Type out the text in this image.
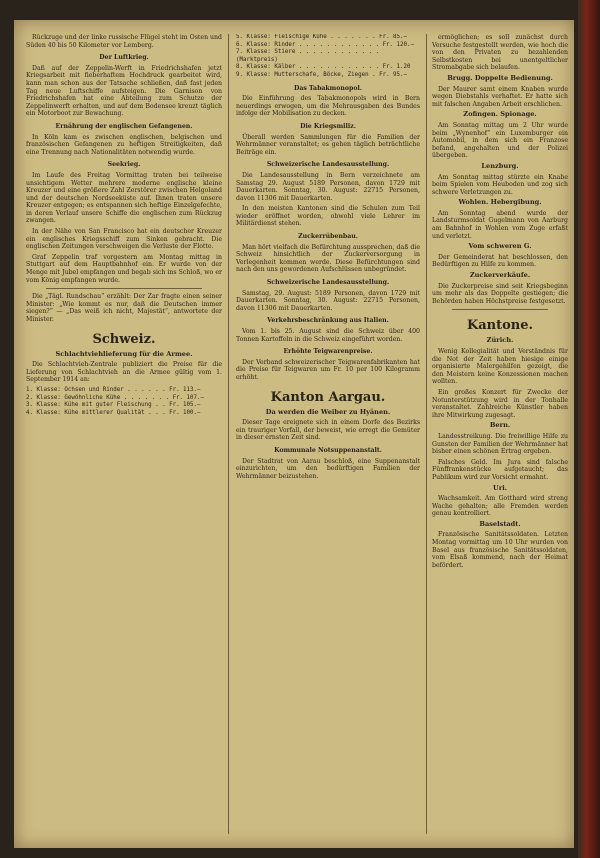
Rückzuge und der linke russische Flügel steht im Osten und Süden 40 bis 50 Kilometer vor Lemberg.

Der Luftkrieg.

Daß auf der Zeppelin-Werft in Friedrichshafen jetzt Kriegsarbeit mit fieberhaftem Hochdruck gearbeitet wird, kann man schon aus der Tatsache schließen, daß fast jeden Tag neue Luftschiffe aufsteigen. Die Garnison von Friedrichshafen hat eine Abteilung zum Schutze der Zeppelinwerft erhalten, und auf dem Bodensee kreuzt täglich ein Motorboot zur Bewachung.

Ernährung der englischen Gefangenen.

In Köln kam es zwischen englischen, belgischen und französischen Gefangenen zu heftigen Streitigkeiten, daß eine Trennung nach Nationalitäten notwendig wurde.

Seekrieg.

Im Laufe des Freitag Vormittag traten bei teilweise unsichtigem Wetter mehrere moderne englische kleine Kreuzer und eine größere Zahl Zerstörer zwischen Helgoland und der deutschen Nordseeküste auf. Ihnen traten unsere Kreuzer entgegen; es entspannen sich heftige Einzelgefechte, in deren Verlauf unsere Schiffe die englischen zum Rückzug zwangen.

In der Nähe von San Francisco hat ein deutscher Kreuzer ein englisches Kriegsschiff zum Sinken gebracht. Die englischen Zeitungen verschweigen die Verluste der Flotte.

Graf Zeppelin traf vorgestern am Montag mittag in Stuttgart auf dem Hauptbahnhof ein. Er wurde von der Menge mit Jubel empfangen und begab sich ins Schloß, wo er vom König empfangen wurde.

Die „Tägl. Rundschau“ erzählt: Der Zar fragte einen seiner Minister: „Wie kommt es nur, daß die Deutschen immer siegen?“ — „Das weiß ich nicht, Majestät“, antwortete der Minister.

Schweiz.
Schlachtviehlieferung für die Armee.

Die Schlachtvieh-Zentrale publiziert die Preise für die Lieferung von Schlachtvieh an die Armee gültig vom 1. September 1914 an:

1. Klasse: Ochsen und Rinder . . . . . . Fr. 113.—
2. Klasse: Gewöhnliche Kühe . . . . . . . Fr. 107.—
3. Klasse: Kühe mit guter Fleischung . . Fr. 105.—
4. Klasse: Kühe mittlerer Qualität . . . Fr. 100.—
5. Klasse: Fleischige Kühe . . . . . . . Fr. 85.—
6. Klasse: Rinder . . . . . . . . . . . . Fr. 120.—
7. Klasse: Stiere . . . . . . . . . . . . (Marktpreis)
8. Klasse: Kälber . . . . . . . . . . . . Fr. 1.20
9. Klasse: Mutterschafe, Böcke, Ziegen . Fr. 95.—
Das Tabakmonopol.

Die Einführung des Tabakmonopols wird in Bern neuerdings erwogen, um die Mehrausgaben des Bundes infolge der Mobilisation zu decken.

Die Kriegsmiliz.

Überall werden Sammlungen für die Familien der Wehrmänner veranstaltet; es gehen täglich beträchtliche Beiträge ein.

Schweizerische Landesausstellung.

Die Landesausstellung in Bern verzeichnete am Samstag 29. August 5189 Personen, davon 1729 mit Dauerkarten. Sonntag, 30. August: 22715 Personen, davon 11306 mit Dauerkarten.

In den meisten Kantonen sind die Schulen zum Teil wieder eröffnet worden, obwohl viele Lehrer im Militärdienst stehen.

Zuckerrübenbau.

Man hört vielfach die Befürchtung aussprechen, daß die Schweiz hinsichtlich der Zuckerversorgung in Verlegenheit kommen werde. Diese Befürchtungen sind nach den uns gewordenen Aufschlüssen unbegründet.

Schweizerische Landesausstellung.

Samstag, 29. August: 5189 Personen, davon 1729 mit Dauerkarten. Sonntag, 30. August: 22715 Personen, davon 11306 mit Dauerkarten.

Verkehrsbeschränkung aus Italien.

Vom 1. bis 25. August sind die Schweiz über 400 Tonnen Kartoffeln in die Schweiz eingeführt worden.

Erhöhte Teigwarenpreise.

Der Verband schweizerischer Teigwarenfabrikanten hat die Preise für Teigwaren um Fr. 10 per 100 Kilogramm erhöht.

Kanton Aargau.
Da werden die Weiber zu Hyänen.

Dieser Tage ereignete sich in einem Dorfe des Bezirks ein trauriger Vorfall, der beweist, wie erregt die Gemüter in dieser ernsten Zeit sind.

Kommunale Notsuppenanstalt.

Der Stadtrat von Aarau beschloß, eine Suppenanstalt einzurichten, um den bedürftigen Familien der Wehrmänner beizustehen.

ermöglichen; es soll zunächst durch Versuche festgestellt werden, wie hoch die von den Privaten zu bezahlenden Selbstkosten bei unentgeltlicher Stromabgabe sich belaufen.

Brugg. Doppelte Bedienung.

Der Maurer samt einem Knaben wurde wegen Diebstahls verhaftet. Er hatte sich mit falschen Angaben Arbeit erschlichen.

Zofingen. Spionage.

Am Sonntag mittag um 2 Uhr wurde beim „Wynenhof“ ein Luxemburger ein Automobil, in dem sich ein Franzose befand, angehalten und der Polizei übergeben.

Lenzburg.

Am Sonntag mittag stürzte ein Knabe beim Spielen vom Heuboden und zog sich schwere Verletzungen zu.

Wohlen. Hebergibung.

Am Sonntag abend wurde der Landsturmsoldat Gugelmann von Aarburg am Bahnhof in Wohlen vom Zuge erfaßt und verletzt.

Vom schweren G.

Der Gemeinderat hat beschlossen, den Bedürftigen zu Hilfe zu kommen.

Zuckerverkäufe.

Die Zuckerpreise sind seit Kriegsbeginn um mehr als das Doppelte gestiegen; die Behörden haben Höchstpreise festgesetzt.

Kantone.
Zürich.

Wenig Kollegialität und Verständnis für die Not der Zeit haben hiesige einige organisierte Malergehilfen gezeigt, die den Meistern keine Konzessionen machen wollten.

Ein großes Konzert für Zwecke der Notunterstützung wird in der Tonhalle veranstaltet. Zahlreiche Künstler haben ihre Mitwirkung zugesagt.

Bern.

Landesstreikung. Die freiwillige Hilfe zu Gunsten der Familien der Wehrmänner hat bisher einen schönen Ertrag ergeben.

Falsches Geld. Im Jura sind falsche Fünffrankenstücke aufgetaucht; das Publikum wird zur Vorsicht ermahnt.

Uri.

Wachsamkeit. Am Gotthard wird streng Wache gehalten; alle Fremden werden genau kontrolliert.

Baselstadt.

Französische Sanitätssoldaten. Letzten Montag vormittag um 10 Uhr wurden von Basel aus französische Sanitätssoldaten, vom Elsaß kommend, nach der Heimat befördert.
